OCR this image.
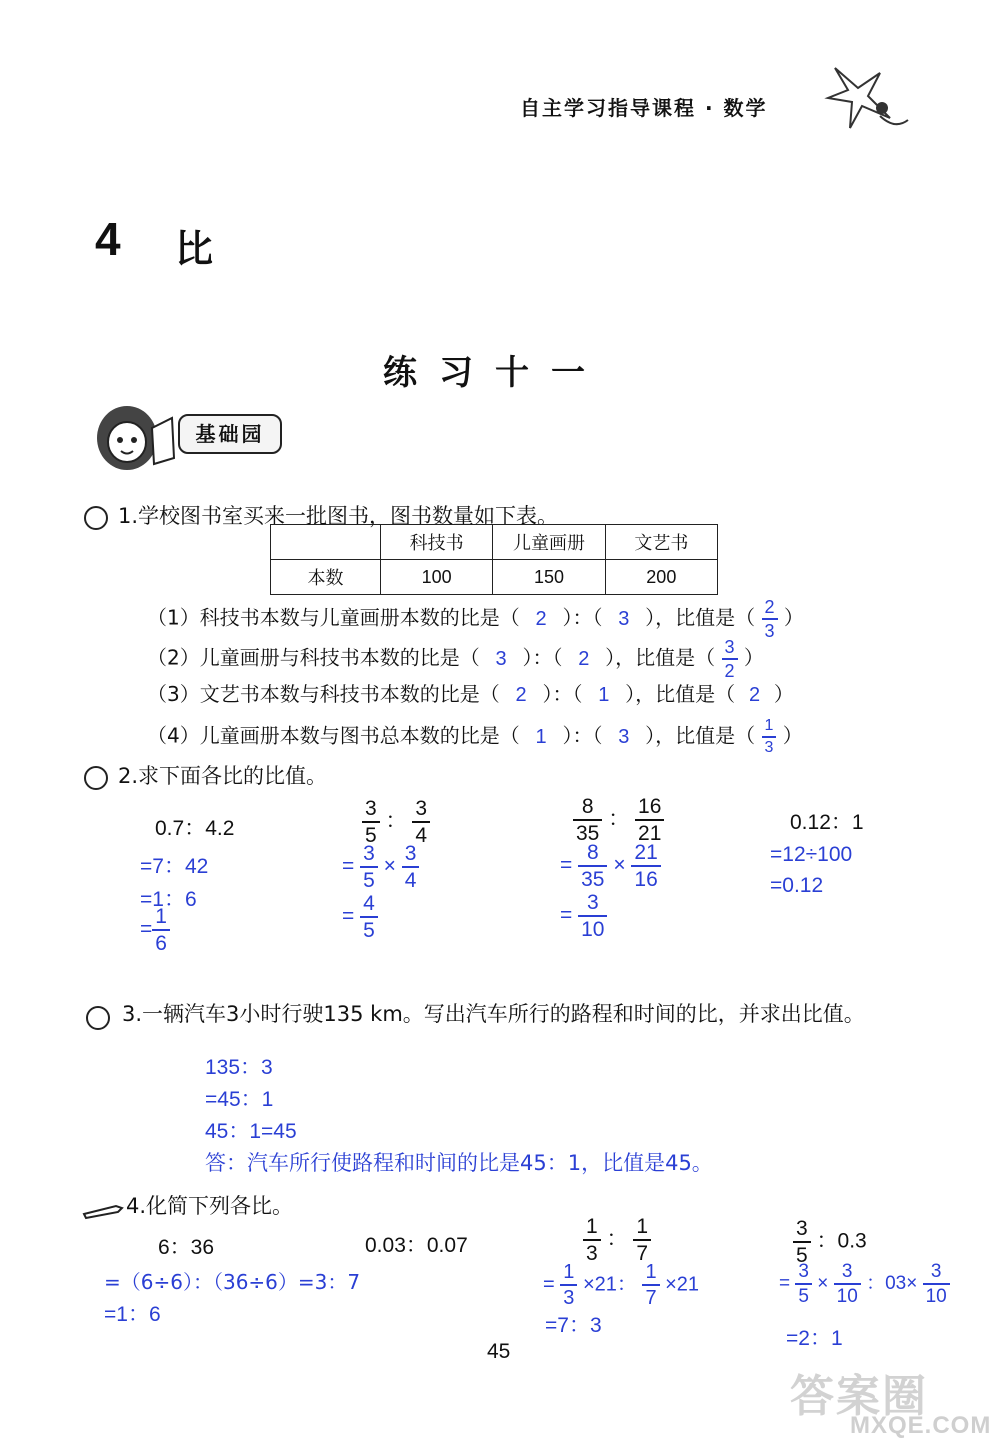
自主学习指导课程 · 数学
4 比
练习十一
基础园
1.学校图书室买来一批图书，图书数量如下表。
	科技书	儿童画册	文艺书
本数	100	150	200
（1）科技书本数与儿童画册本数的比是（ 2 ）：（ 3 ），比值是（ $\frac{2}{3}$ ）
（2）儿童画册与科技书本数的比是（ 3 ）：（ 2 ），比值是（ $\frac{3}{2}$ ）
（3）文艺书本数与科技书本数的比是（ 2 ）：（ 1 ），比值是（ 2 ）
（4）儿童画册本数与图书总本数的比是（ 1 ）：（ 3 ），比值是（ $\frac{1}{3}$ ）
2.求下面各比的比值。
0.7：4.2
=7：42
=1：6
= $\frac{1}{6}$
$\frac{3}{5}$ ： $\frac{3}{4}$
= $\frac{3}{5} \times \frac{3}{4}$
= $\frac{4}{5}$
$\frac{8}{35}$ ： $\frac{16}{21}$
= $\frac{8}{35} \times \frac{21}{16}$
= $\frac{3}{10}$
0.12：1
=12÷100
=0.12
3.一辆汽车3小时行驶135 km。写出汽车所行的路程和时间的比，并求出比值。
135：3
=45：1
45：1=45
答：汽车所行使路程和时间的比是45：1，比值是45。
4.化简下列各比。
6：36	0.03：0.07
=（6÷6）：（36÷6）=3：7
=1：6
$\frac{1}{3}$ ： $\frac{1}{7}$
= $\frac{1}{3} \times 21$： $\frac{1}{7} \times 21$
=7：3
$\frac{3}{5}$ ：0.3
= $\frac{3}{5} \times \frac{3}{10}$ ：$03\times \frac{3}{10}$
=2：1
45
答案圈
MXQE.COM
